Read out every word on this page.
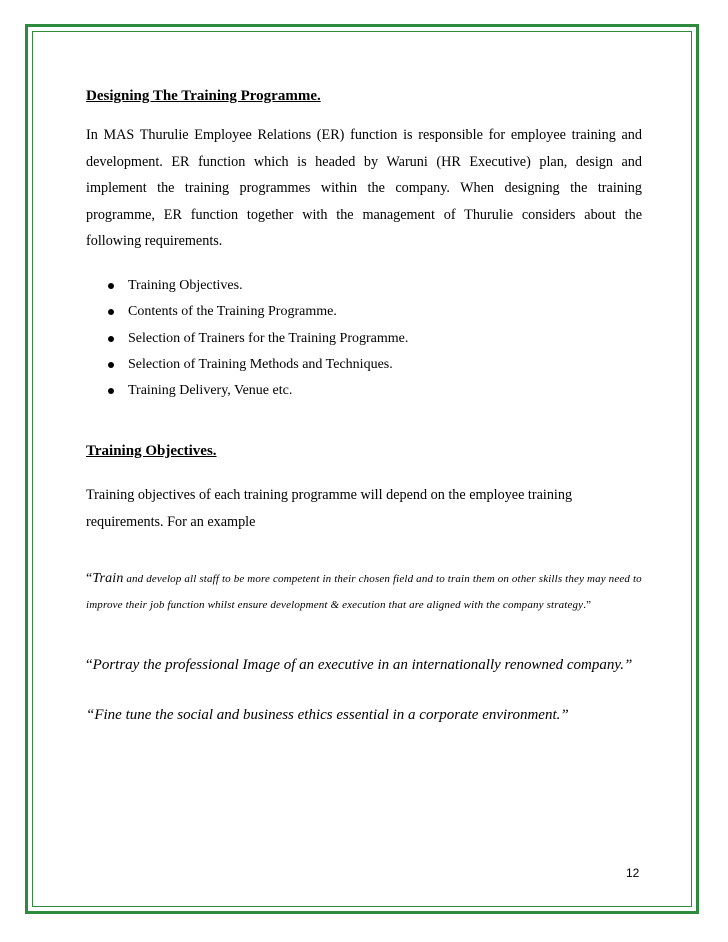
Designing The Training Programme.

In MAS Thurulie Employee Relations (ER) function is responsible for employee training and development. ER function which is headed by Waruni (HR Executive) plan, design and implement the training programmes within the company. When designing the training programme, ER function together with the management of Thurulie considers about the following requirements.

Training Objectives.
Contents of the Training Programme.
Selection of Trainers for the Training Programme.
Selection of Training Methods and Techniques.
Training Delivery, Venue etc.
Training Objectives.

Training objectives of each training programme will depend on the employee training requirements. For an example

“Train and develop all staff to be more competent in their chosen field and to train them on other skills they may need to improve their job function whilst ensure development & execution that are aligned with the company strategy.”

“Portray the professional Image of an executive in an internationally renowned company.”

“Fine tune the social and business ethics essential in a corporate environment.”

12
